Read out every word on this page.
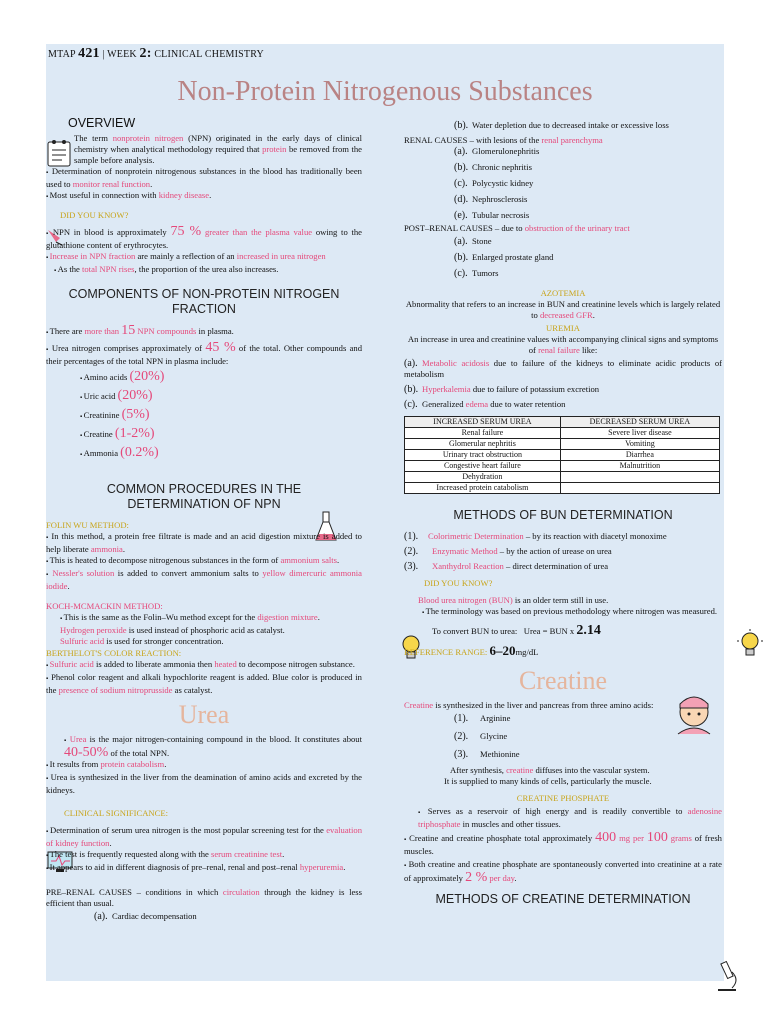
MTAP 421 | WEEK 2: CLINICAL CHEMISTRY
Non-Protein Nitrogenous Substances
OVERVIEW

The term nonprotein nitrogen (NPN) originated in the early days of clinical chemistry when analytical methodology required that protein be removed from the sample before analysis.

▪ Determination of nonprotein nitrogenous substances in the blood has traditionally been used to monitor renal function.

▪ Most useful in connection with kidney disease.

DID YOU KNOW?

▪ NPN in blood is approximately 75 % greater than the plasma value owing to the glutathione content of erythrocytes.

▪ Increase in NPN fraction are mainly a reflection of an increased in urea nitrogen

▪ As the total NPN rises, the proportion of the urea also increases.

COMPONENTS OF NON-PROTEIN NITROGEN FRACTION

▪ There are more than 15 NPN compounds in plasma.

▪ Urea nitrogen comprises approximately of 45 % of the total. Other compounds and their percentages of the total NPN in plasma include:

▪ Amino acids (20%)
▪ Uric acid (20%)
▪ Creatinine (5%)
▪ Creatine (1-2%)
▪ Ammonia (0.2%)

COMMON PROCEDURES IN THE DETERMINATION OF NPN

FOLIN WU METHOD:

▪ In this method, a protein free filtrate is made and an acid digestion mixture is added to help liberate ammonia.

▪ This is heated to decompose nitrogenous substances in the form of ammonium salts.

▪ Nessler's solution is added to convert ammonium salts to yellow dimercuric ammonia iodide.

KOCH-MCMACKIN METHOD:

▪ This is the same as the Folin–Wu method except for the digestion mixture.

Hydrogen peroxide is used instead of phosphoric acid as catalyst.

Sulfuric acid is used for stronger concentration.

BERTHELOT'S COLOR REACTION:

▪ Sulfuric acid is added to liberate ammonia then heated to decompose nitrogen substance.

▪ Phenol color reagent and alkali hypochlorite reagent is added. Blue color is produced in the presence of sodium nitroprusside as catalyst.

Urea

▪ Urea is the major nitrogen-containing compound in the blood. It constitutes about 40-50% of the total NPN.

▪ It results from protein catabolism.

▪ Urea is synthesized in the liver from the deamination of amino acids and excreted by the kidneys.

CLINICAL SIGNIFICANCE:

▪ Determination of serum urea nitrogen is the most popular screening test for the evaluation of kidney function.

▪ The test is frequently requested along with the serum creatinine test.

▪ It appears to aid in different diagnosis of pre–renal, renal and post–renal hyperuremia.

PRE–RENAL CAUSES – conditions in which circulation through the kidney is less efficient than usual.

(a). Cardiac decompensation

(b). Water depletion due to decreased intake or excessive loss

RENAL CAUSES – with lesions of the renal parenchyma

(a). Glomerulonephritis
(b). Chronic nephritis
(c). Polycystic kidney
(d). Nephrosclerosis
(e). Tubular necrosis

POST–RENAL CAUSES – due to obstruction of the urinary tract

(a). Stone
(b). Enlarged prostate gland
(c). Tumors
AZOTEMIA

Abnormality that refers to an increase in BUN and creatinine levels which is largely related to decreased GFR.

UREMIA

An increase in urea and creatinine values with accompanying clinical signs and symptoms of renal failure like:

(a). Metabolic acidosis due to failure of the kidneys to eliminate acidic products of metabolism

(b). Hyperkalemia due to failure of potassium excretion

(c). Generalized edema due to water retention

INCREASED SERUM UREA	DECREASED SERUM UREA
Renal failure	Severe liver disease
Glomerular nephritis	Vomiting
Urinary tract obstruction	Diarrhea
Congestive heart failure	Malnutrition
Dehydration	
Increased protein catabolism	

METHODS OF BUN DETERMINATION

(1). Colorimetric Determination – by its reaction with diacetyl monoxime

(2). Enzymatic Method – by the action of urease on urea

(3). Xanthydrol Reaction – direct determination of urea

DID YOU KNOW?

Blood urea nitrogen (BUN) is an older term still in use.

▪ The terminology was based on previous methodology where nitrogen was measured.

To convert BUN to urea: Urea = BUN x 2.14

REFERENCE RANGE: 6–20mg/dL

Creatine

Creatine is synthesized in the liver and pancreas from three amino acids:

(1). Arginine
(2). Glycine
(3). Methionine

After synthesis, creatine diffuses into the vascular system.

It is supplied to many kinds of cells, particularly the muscle.

CREATINE PHOSPHATE

▪ Serves as a reservoir of high energy and is readily convertible to adenosine triphosphate in muscles and other tissues.

▪ Creatine and creatine phosphate total approximately 400 mg per 100 grams of fresh muscles.

▪ Both creatine and creatine phosphate are spontaneously converted into creatinine at a rate of approximately 2 % per day.

METHODS OF CREATINE DETERMINATION
